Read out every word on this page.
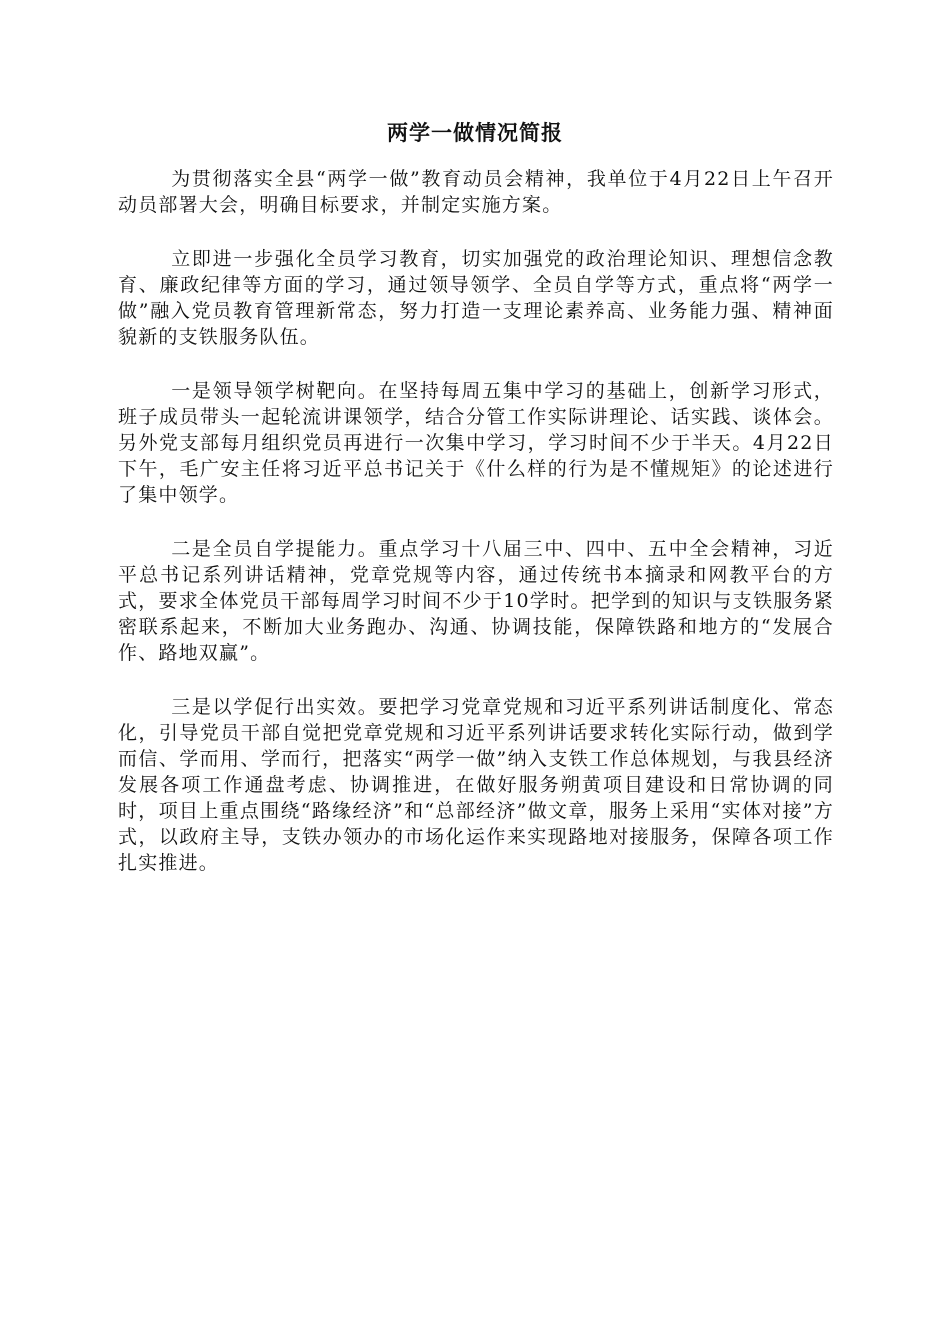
两学一做情况简报

为贯彻落实全县“两学一做”教育动员会精神，我单位于4月22日上午召开动员部署大会，明确目标要求，并制定实施方案。

立即进一步强化全员学习教育，切实加强党的政治理论知识、理想信念教育、廉政纪律等方面的学习，通过领导领学、全员自学等方式，重点将“两学一做”融入党员教育管理新常态，努力打造一支理论素养高、业务能力强、精神面貌新的支铁服务队伍。

一是领导领学树靶向。在坚持每周五集中学习的基础上，创新学习形式，班子成员带头一起轮流讲课领学，结合分管工作实际讲理论、话实践、谈体会。另外党支部每月组织党员再进行一次集中学习，学习时间不少于半天。4月22日下午，毛广安主任将习近平总书记关于《什么样的行为是不懂规矩》的论述进行了集中领学。

二是全员自学提能力。重点学习十八届三中、四中、五中全会精神，习近平总书记系列讲话精神，党章党规等内容，通过传统书本摘录和网教平台的方式，要求全体党员干部每周学习时间不少于10学时。把学到的知识与支铁服务紧密联系起来，不断加大业务跑办、沟通、协调技能，保障铁路和地方的“发展合作、路地双赢”。

三是以学促行出实效。要把学习党章党规和习近平系列讲话制度化、常态化，引导党员干部自觉把党章党规和习近平系列讲话要求转化实际行动，做到学而信、学而用、学而行，把落实“两学一做”纳入支铁工作总体规划，与我县经济发展各项工作通盘考虑、协调推进，在做好服务朔黄项目建设和日常协调的同时，项目上重点围绕“路缘经济”和“总部经济”做文章，服务上采用“实体对接”方式，以政府主导，支铁办领办的市场化运作来实现路地对接服务，保障各项工作扎实推进。
